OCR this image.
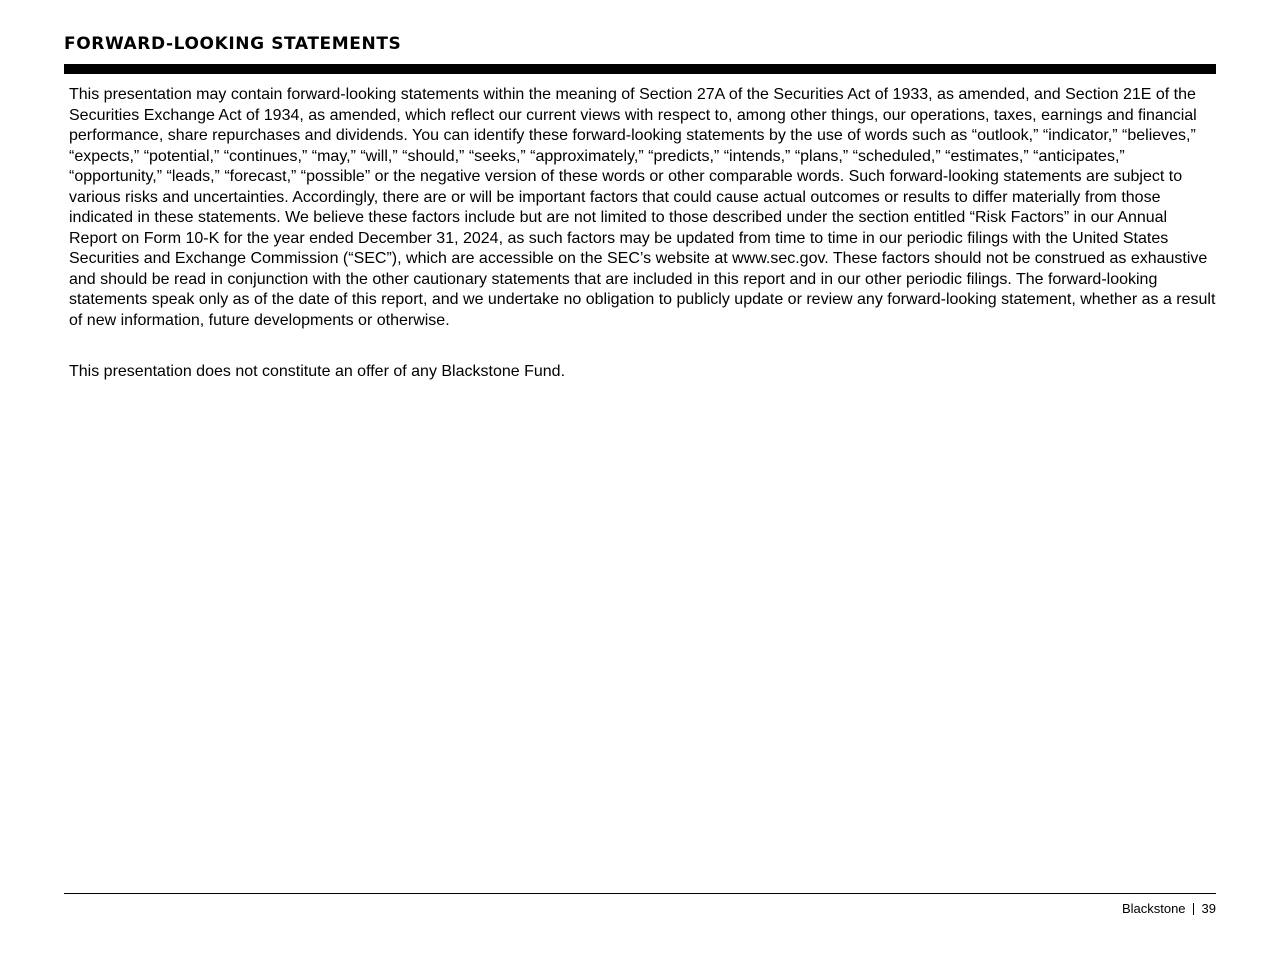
FORWARD-LOOKING STATEMENTS

This presentation may contain forward-looking statements within the meaning of Section 27A of the Securities Act of 1933, as amended, and Section 21E of the Securities Exchange Act of 1934, as amended, which reflect our current views with respect to, among other things, our operations, taxes, earnings and financial performance, share repurchases and dividends. You can identify these forward-looking statements by the use of words such as “outlook,” “indicator,” “believes,” “expects,” “potential,” “continues,” “may,” “will,” “should,” “seeks,” “approximately,” “predicts,” “intends,” “plans,” “scheduled,” “estimates,” “anticipates,” “opportunity,” “leads,” “forecast,” “possible” or the negative version of these words or other comparable words. Such forward-looking statements are subject to various risks and uncertainties. Accordingly, there are or will be important factors that could cause actual outcomes or results to differ materially from those indicated in these statements. We believe these factors include but are not limited to those described under the section entitled “Risk Factors” in our Annual Report on Form 10-K for the year ended December 31, 2024, as such factors may be updated from time to time in our periodic filings with the United States Securities and Exchange Commission (“SEC”), which are accessible on the SEC’s website at www.sec.gov. These factors should not be construed as exhaustive and should be read in conjunction with the other cautionary statements that are included in this report and in our other periodic filings. The forward-looking statements speak only as of the date of this report, and we undertake no obligation to publicly update or review any forward-looking statement, whether as a result of new information, future developments or otherwise.

This presentation does not constitute an offer of any Blackstone Fund.

Blackstone 39
